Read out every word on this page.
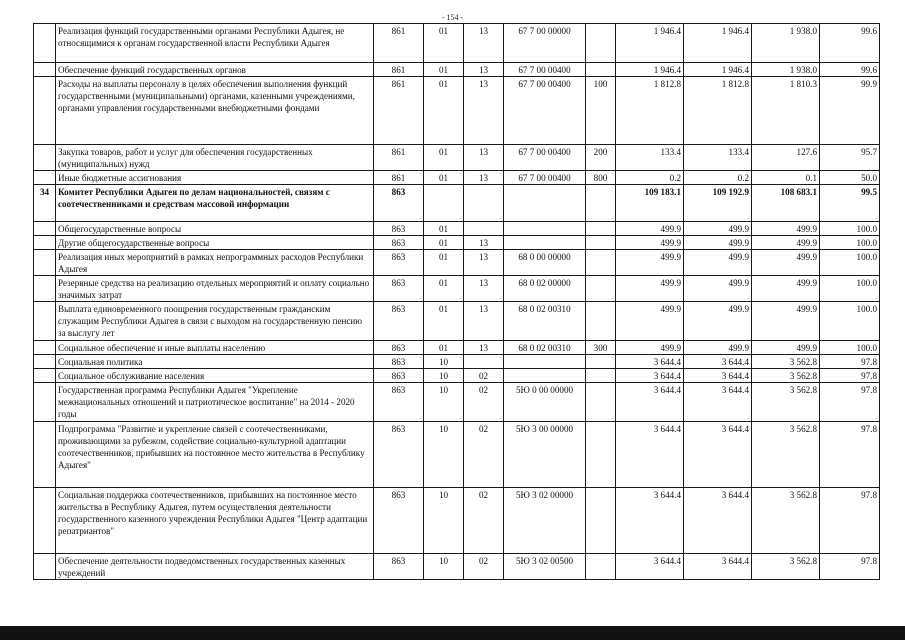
- 154 -
	Реализация функций государственными органами Республики Адыгея, не относящимися к органам государственной власти Республики Адыгея	861	01	13	67 7 00 00000		1 946.4	1 946.4	1 938.0	99.6
	Обеспечение функций государственных органов	861	01	13	67 7 00 00400		1 946.4	1 946.4	1 938.0	99.6
	Расходы на выплаты персоналу в целях обеспечения выполнения функций государственными (муниципальными) органами, казенными учреждениями, органами управления государственными внебюджетными фондами	861	01	13	67 7 00 00400	100	1 812.8	1 812.8	1 810.3	99.9
	Закупка товаров, работ и услуг для обеспечения государственных (муниципальных) нужд	861	01	13	67 7 00 00400	200	133.4	133.4	127.6	95.7
	Иные бюджетные ассигнования	861	01	13	67 7 00 00400	800	0.2	0.2	0.1	50.0
34	Комитет Республики Адыгея по делам национальностей, связям с соотечественниками и средствам массовой информации	863					109 183.1	109 192.9	108 683.1	99.5
	Общегосударственные вопросы	863	01				499.9	499.9	499.9	100.0
	Другие общегосударственные вопросы	863	01	13			499.9	499.9	499.9	100.0
	Реализация иных мероприятий в рамках непрограммных расходов Республики Адыгея	863	01	13	68 0 00 00000		499.9	499.9	499.9	100.0
	Резервные средства на реализацию отдельных мероприятий и оплату социально значимых затрат	863	01	13	68 0 02 00000		499.9	499.9	499.9	100.0
	Выплата единовременного поощрения государственным гражданским служащим Республики Адыгея в связи с выходом на государственную пенсию за выслугу лет	863	01	13	68 0 02 00310		499.9	499.9	499.9	100.0
	Социальное обеспечение и иные выплаты населению	863	01	13	68 0 02 00310	300	499.9	499.9	499.9	100.0
	Социальная политика	863	10				3 644.4	3 644.4	3 562.8	97.8
	Социальное обслуживание населения	863	10	02			3 644.4	3 644.4	3 562.8	97.8
	Государственная программа Республики Адыгея "Укрепление межнациональных отношений и патриотическое воспитание" на 2014 - 2020 годы	863	10	02	5Ю 0 00 00000		3 644.4	3 644.4	3 562.8	97.8
	Подпрограмма "Развитие и укрепление связей с соотечественниками, проживающими за рубежом, содействие социально-культурной адаптации соотечественников, прибывших на постоянное место жительства в Республику Адыгея"	863	10	02	5Ю 3 00 00000		3 644.4	3 644.4	3 562.8	97.8
	Социальная поддержка соотечественников, прибывших на постоянное место жительства в Республику Адыгея, путем осуществления деятельности государственного казенного учреждения Республики Адыгея "Центр адаптации репатриантов"	863	10	02	5Ю 3 02 00000		3 644.4	3 644.4	3 562.8	97.8
	Обеспечение деятельности подведомственных государственных казенных учреждений	863	10	02	5Ю 3 02 00500		3 644.4	3 644.4	3 562.8	97.8
